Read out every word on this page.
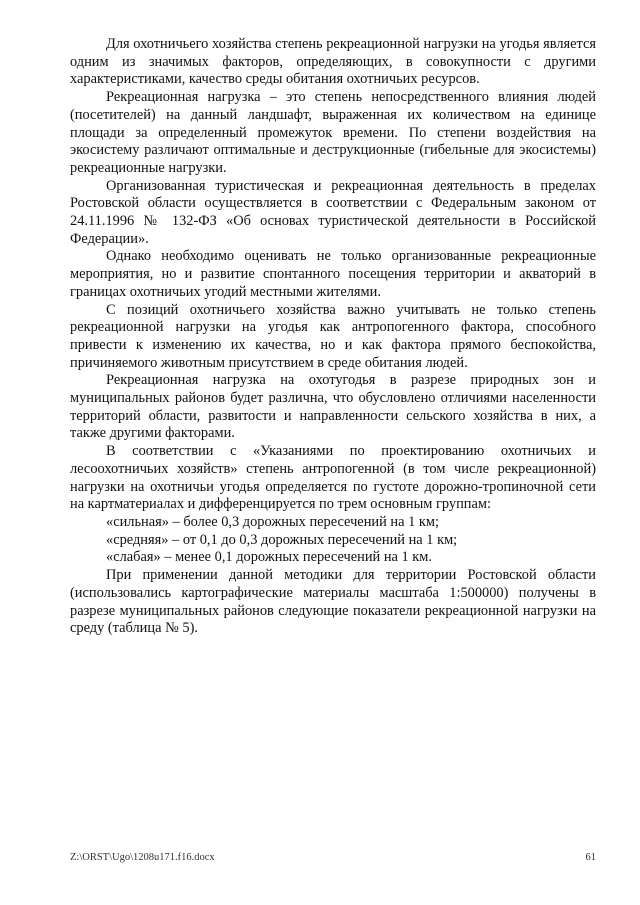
Для охотничьего хозяйства степень рекреационной нагрузки на угодья является одним из значимых факторов, определяющих, в совокупности с другими характеристиками, качество среды обитания охотничьих ресурсов.

Рекреационная нагрузка – это степень непосредственного влияния людей (посетителей) на данный ландшафт, выраженная их количеством на единице площади за определенный промежуток времени. По степени воздействия на экосистему различают оптимальные и деструкционные (гибельные для экосистемы) рекреационные нагрузки.

Организованная туристическая и рекреационная деятельность в пределах Ростовской области осуществляется в соответствии с Федеральным законом от 24.11.1996 № 132-ФЗ «Об основах туристической деятельности в Российской Федерации».

Однако необходимо оценивать не только организованные рекреационные мероприятия, но и развитие спонтанного посещения территории и акваторий в границах охотничьих угодий местными жителями.

С позиций охотничьего хозяйства важно учитывать не только степень рекреационной нагрузки на угодья как антропогенного фактора, способного привести к изменению их качества, но и как фактора прямого беспокойства, причиняемого животным присутствием в среде обитания людей.

Рекреационная нагрузка на охотугодья в разрезе природных зон и муниципальных районов будет различна, что обусловлено отличиями населенности территорий области, развитости и направленности сельского хозяйства в них, а также другими факторами.

В соответствии с «Указаниями по проектированию охотничьих и лесоохотничьих хозяйств» степень антропогенной (в том числе рекреационной) нагрузки на охотничьи угодья определяется по густоте дорожно-тропиночной сети на картматериалах и дифференцируется по трем основным группам:

«сильная» – более 0,3 дорожных пересечений на 1 км;

«средняя» – от 0,1 до 0,3 дорожных пересечений на 1 км;

«слабая» – менее 0,1 дорожных пересечений на 1 км.

При применении данной методики для территории Ростовской области (использовались картографические материалы масштаба 1:500000) получены в разрезе муниципальных районов следующие показатели рекреационной нагрузки на среду (таблица № 5).

Z:\ORST\Ugo\1208u171.f16.docx	61
